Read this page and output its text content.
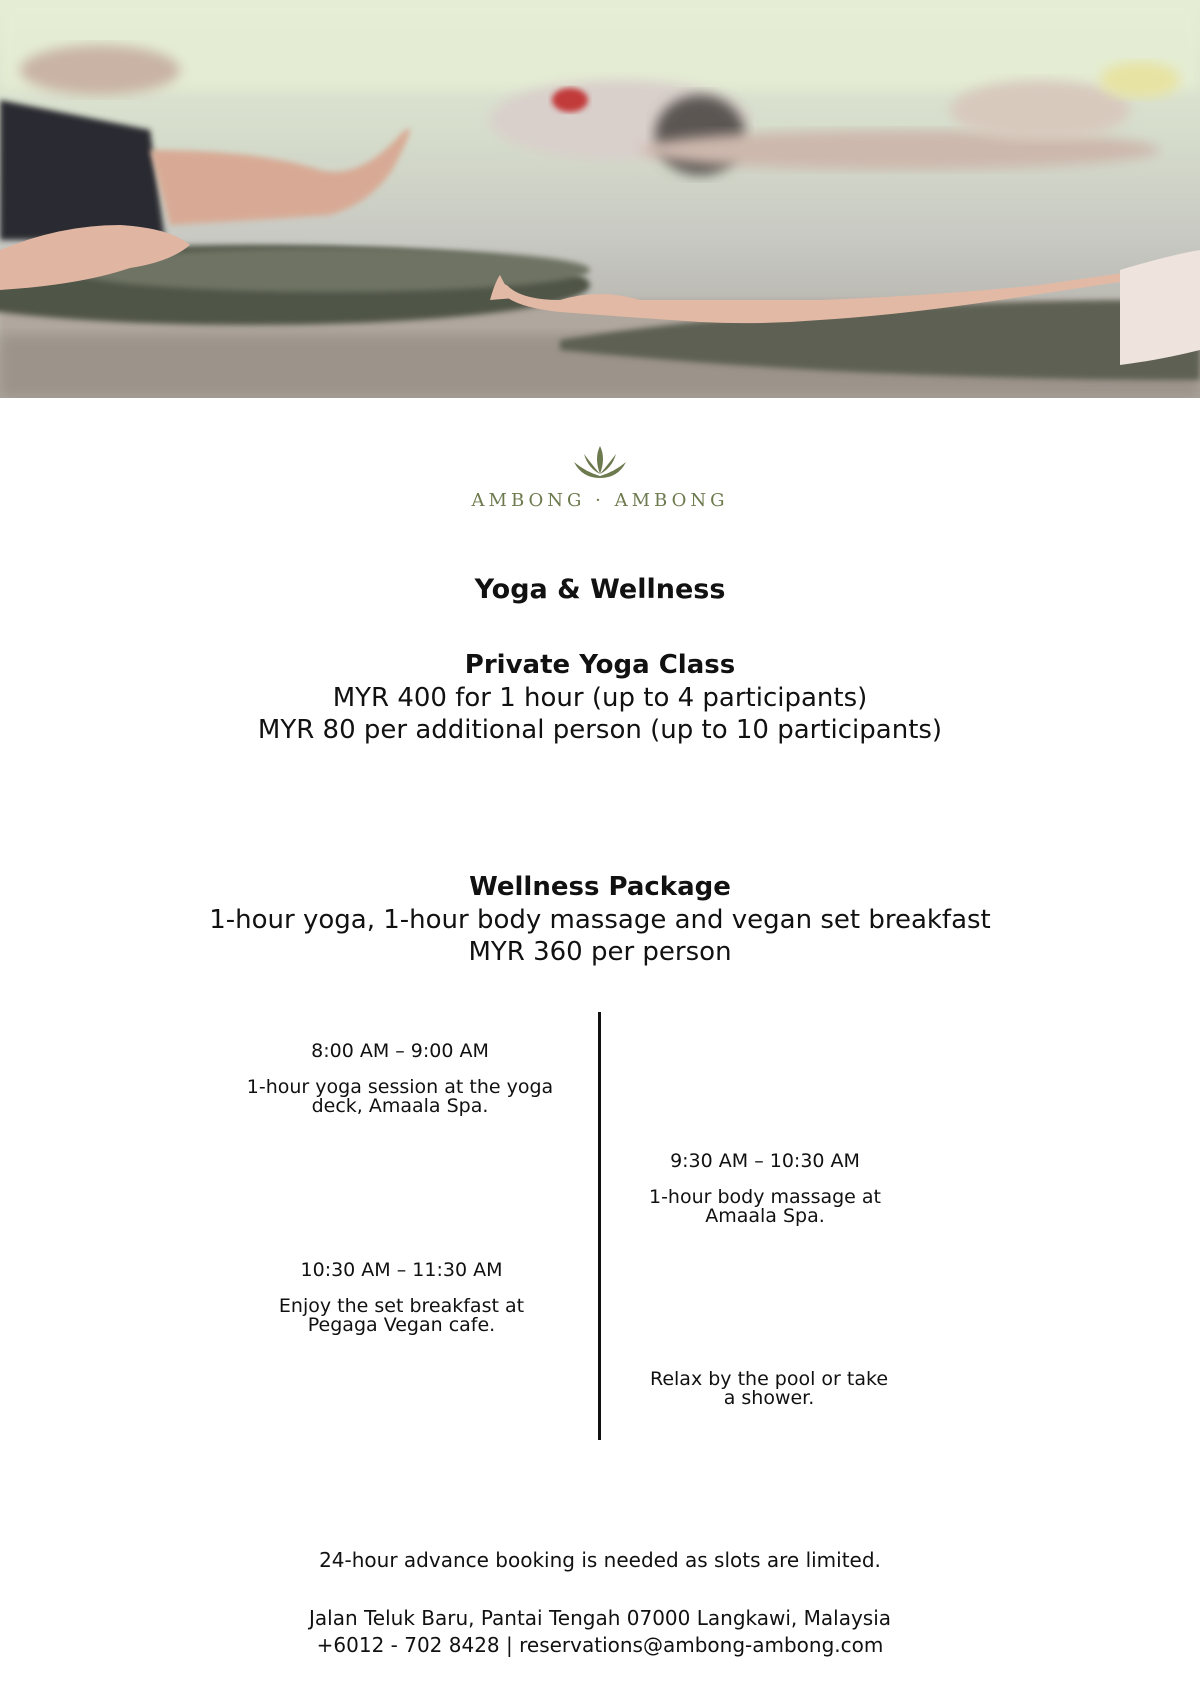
AMBONG · AMBONG
Yoga & Wellness
Private Yoga Class
MYR 400 for 1 hour (up to 4 participants)
MYR 80 per additional person (up to 10 participants)
Wellness Package
1-hour yoga, 1-hour body massage and vegan set breakfast
MYR 360 per person
8:00 AM – 9:00 AM
1-hour yoga session at the yoga
deck, Amaala Spa.
9:30 AM – 10:30 AM
1-hour body massage at
Amaala Spa.
10:30 AM – 11:30 AM
Enjoy the set breakfast at
Pegaga Vegan cafe.
Relax by the pool or take
a shower.
24-hour advance booking is needed as slots are limited.
Jalan Teluk Baru, Pantai Tengah 07000 Langkawi, Malaysia
+6012 - 702 8428 | reservations@ambong-ambong.com
